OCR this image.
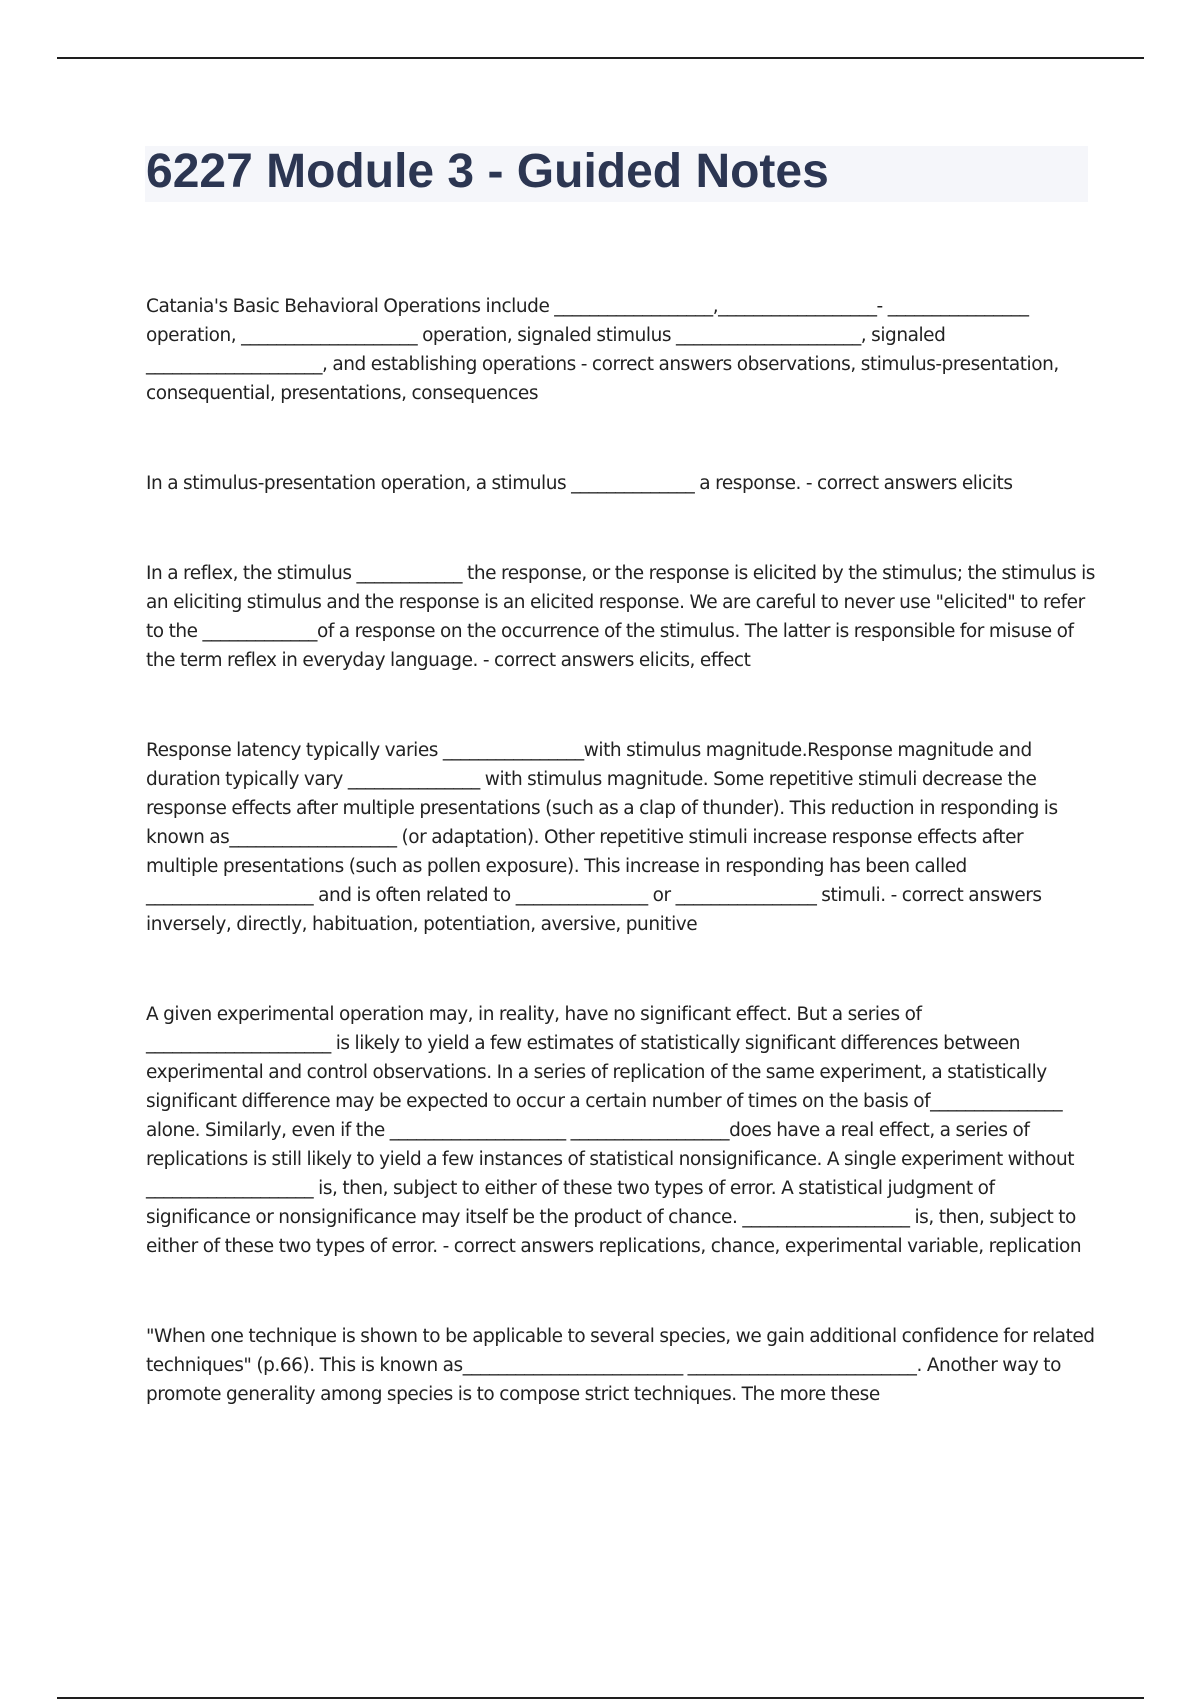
6227 Module 3 - Guided Notes

Catania's Basic Behavioral Operations include __________________,__________________- ________________ operation, ____________________ operation, signaled stimulus _____________________, signaled ____________________, and establishing operations - correct answers observations, stimulus-presentation, consequential, presentations, consequences

In a stimulus-presentation operation, a stimulus ______________ a response. - correct answers elicits

In a reflex, the stimulus ____________ the response, or the response is elicited by the stimulus; the stimulus is an eliciting stimulus and the response is an elicited response. We are careful to never use "elicited" to refer to the _____________of a response on the occurrence of the stimulus. The latter is responsible for misuse of the term reflex in everyday language. - correct answers elicits, effect

Response latency typically varies ________________with stimulus magnitude.Response magnitude and duration typically vary _______________ with stimulus magnitude. Some repetitive stimuli decrease the response effects after multiple presentations (such as a clap of thunder). This reduction in responding is known as___________________ (or adaptation). Other repetitive stimuli increase response effects after multiple presentations (such as pollen exposure). This increase in responding has been called ___________________ and is often related to _______________ or ________________ stimuli. - correct answers inversely, directly, habituation, potentiation, aversive, punitive

A given experimental operation may, in reality, have no significant effect. But a series of _____________________ is likely to yield a few estimates of statistically significant differences between experimental and control observations. In a series of replication of the same experiment, a statistically significant difference may be expected to occur a certain number of times on the basis of_______________ alone. Similarly, even if the ____________________ __________________does have a real effect, a series of replications is still likely to yield a few instances of statistical nonsignificance. A single experiment without ___________________ is, then, subject to either of these two types of error. A statistical judgment of significance or nonsignificance may itself be the product of chance. ___________________ is, then, subject to either of these two types of error. - correct answers replications, chance, experimental variable, replication

"When one technique is shown to be applicable to several species, we gain additional confidence for related techniques" (p.66). This is known as_________________________ __________________________. Another way to promote generality among species is to compose strict techniques. The more these
